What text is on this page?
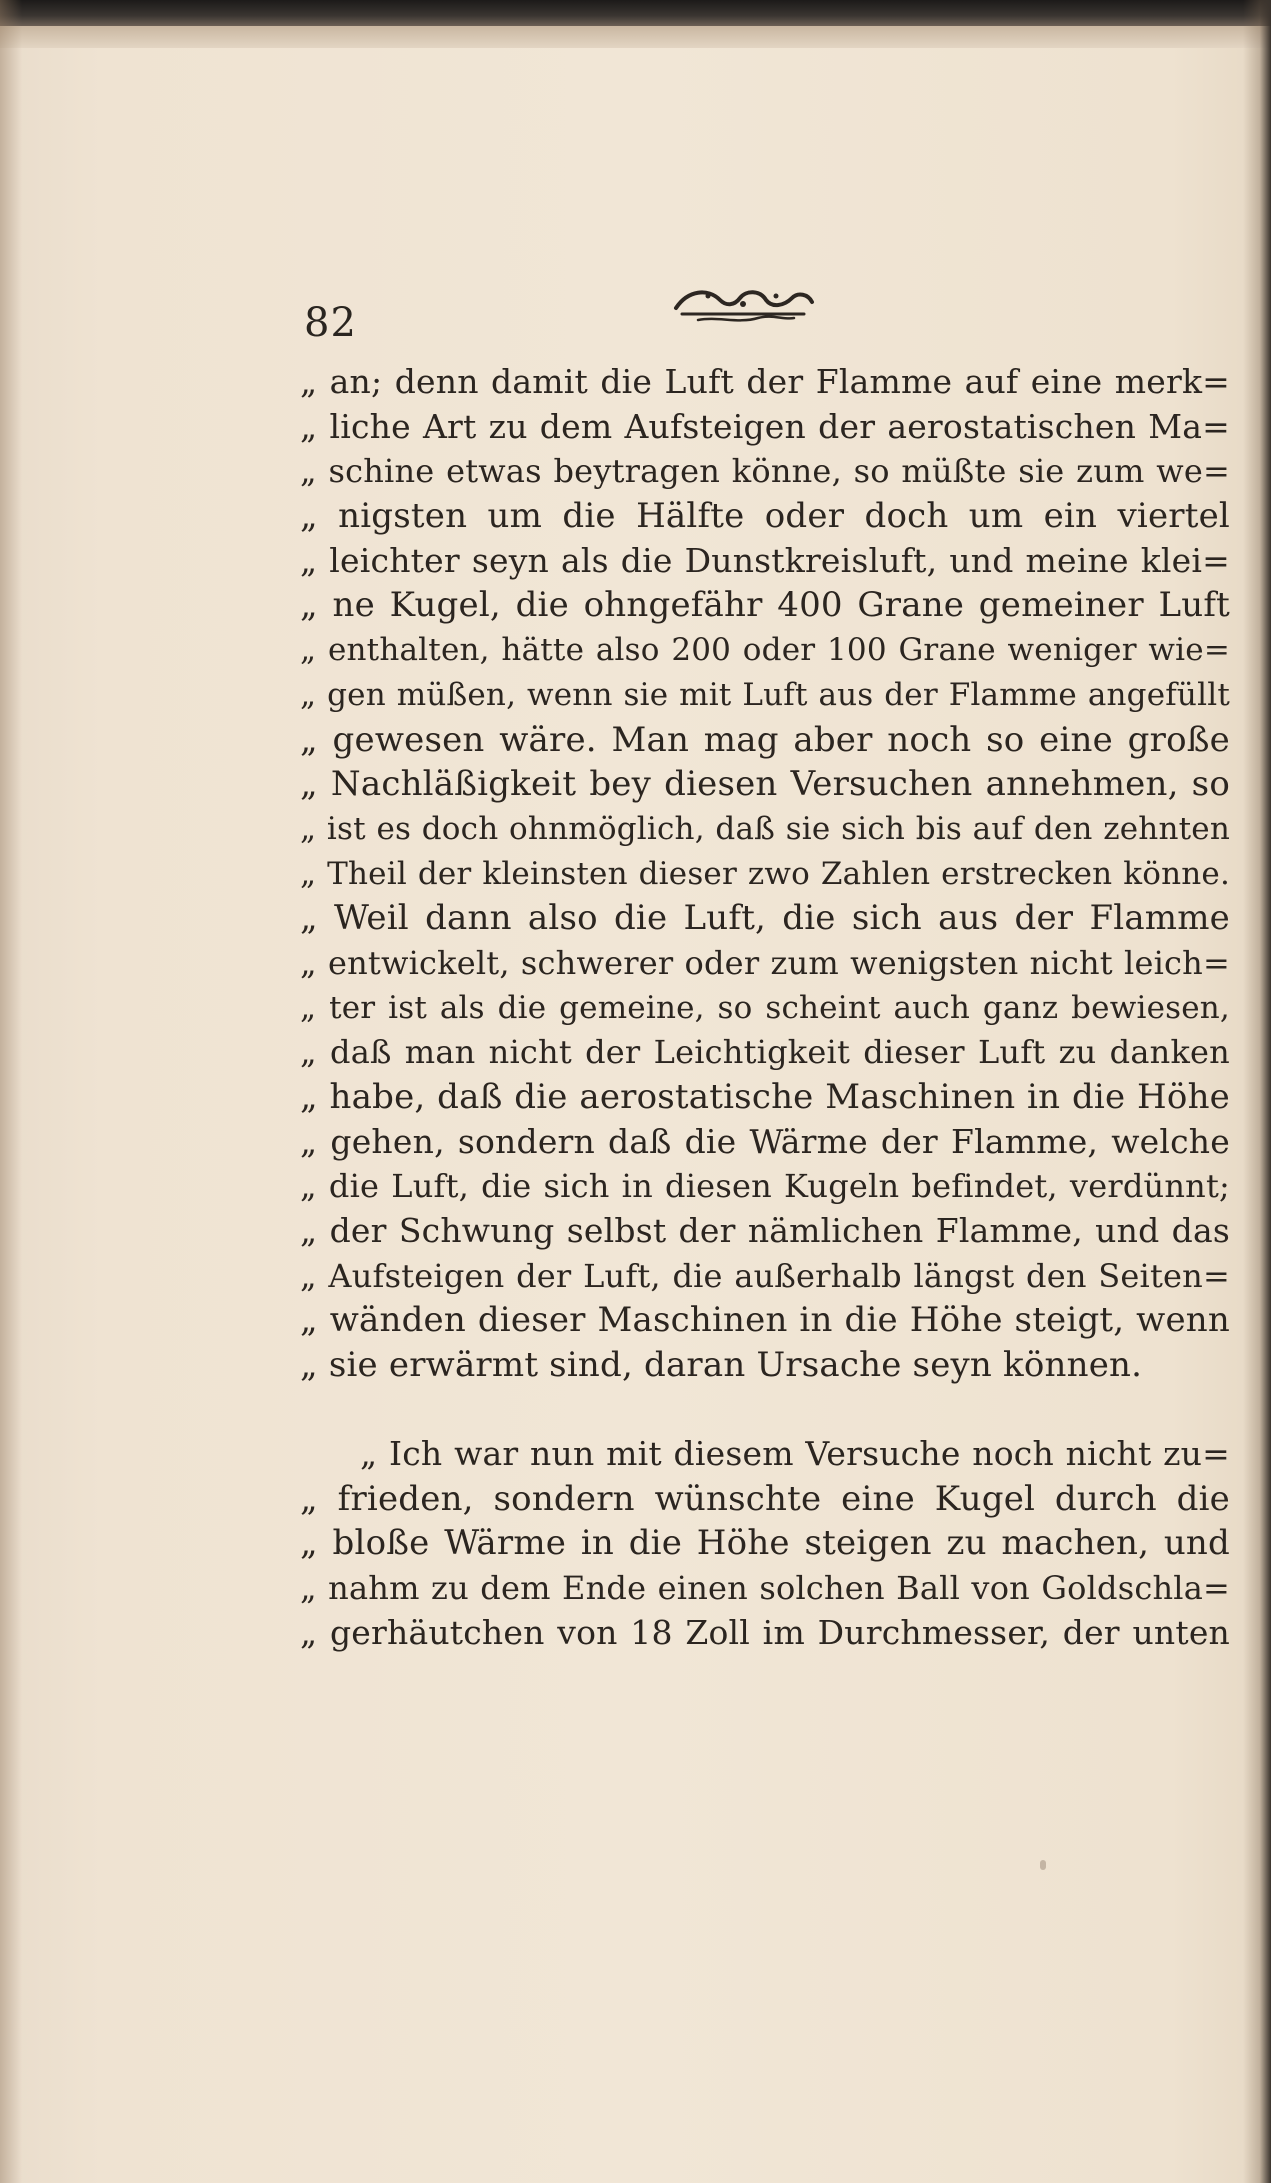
82
„ an; denn damit die Luft der Flamme auf eine merk=
„ liche Art zu dem Aufsteigen der aerostatischen Ma=
„ schine etwas beytragen könne, so müßte sie zum we=
„ nigsten um die Hälfte oder doch um ein viertel
„ leichter seyn als die Dunstkreisluft, und meine klei=
„ ne Kugel, die ohngefähr 400 Grane gemeiner Luft
„ enthalten, hätte also 200 oder 100 Grane weniger wie=
„ gen müßen, wenn sie mit Luft aus der Flamme angefüllt
„ gewesen wäre. Man mag aber noch so eine große
„ Nachläßigkeit bey diesen Versuchen annehmen, so
„ ist es doch ohnmöglich, daß sie sich bis auf den zehnten
„ Theil der kleinsten dieser zwo Zahlen erstrecken könne.
„ Weil dann also die Luft, die sich aus der Flamme
„ entwickelt, schwerer oder zum wenigsten nicht leich=
„ ter ist als die gemeine, so scheint auch ganz bewiesen,
„ daß man nicht der Leichtigkeit dieser Luft zu danken
„ habe, daß die aerostatische Maschinen in die Höhe
„ gehen, sondern daß die Wärme der Flamme, welche
„ die Luft, die sich in diesen Kugeln befindet, verdünnt;
„ der Schwung selbst der nämlichen Flamme, und das
„ Aufsteigen der Luft, die außerhalb längst den Seiten=
„ wänden dieser Maschinen in die Höhe steigt, wenn
„ sie erwärmt sind, daran Ursache seyn können.
„ Ich war nun mit diesem Versuche noch nicht zu=
„ frieden, sondern wünschte eine Kugel durch die
„ bloße Wärme in die Höhe steigen zu machen, und
„ nahm zu dem Ende einen solchen Ball von Goldschla=
„ gerhäutchen von 18 Zoll im Durchmesser, der unten
